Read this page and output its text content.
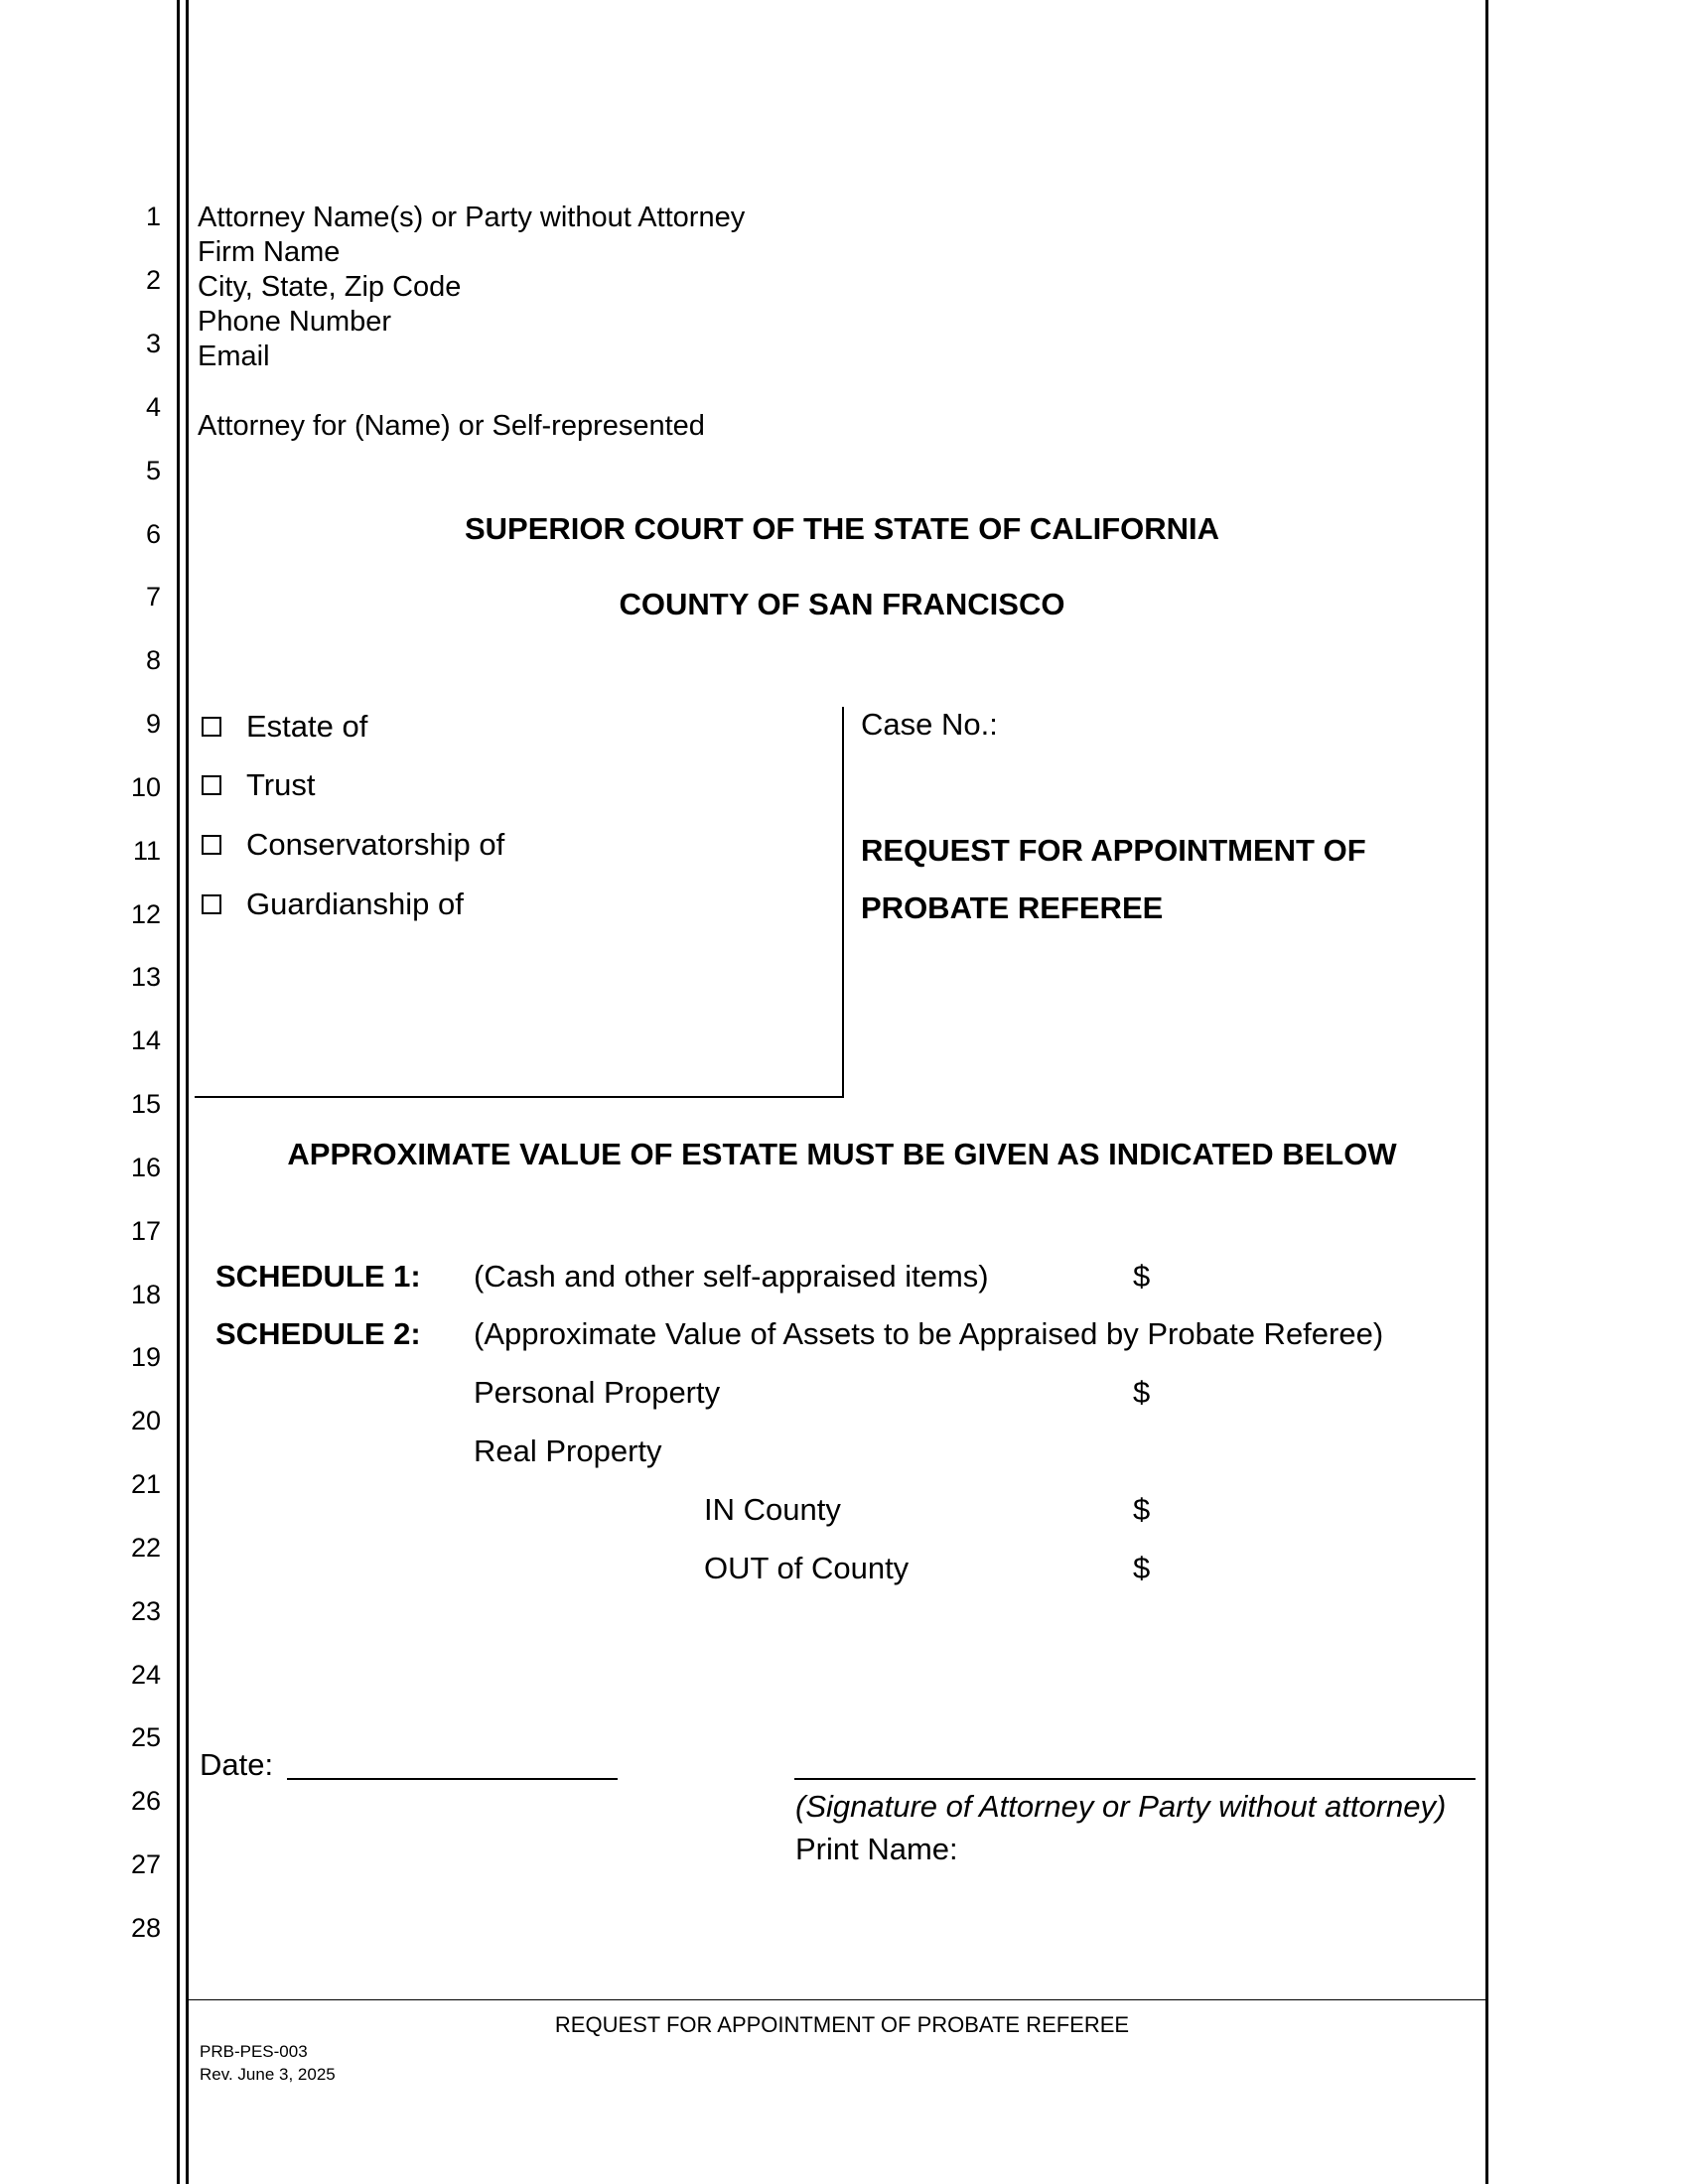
1
2
3
4
5
6
7
8
9
10
11
12
13
14
15
16
17
18
19
20
21
22
23
24
25
26
27
28
Attorney Name(s) or Party without Attorney
Firm Name
City, State, Zip Code
Phone Number
Email
Attorney for (Name) or Self-represented
SUPERIOR COURT OF THE STATE OF CALIFORNIA
COUNTY OF SAN FRANCISCO
Estate of
Trust
Conservatorship of
Guardianship of
Case No.:
REQUEST FOR APPOINTMENT OF
PROBATE REFEREE
APPROXIMATE VALUE OF ESTATE MUST BE GIVEN AS INDICATED BELOW
SCHEDULE 1: (Cash and other self-appraised items)	$
SCHEDULE 2: (Approximate Value of Assets to be Appraised by Probate Referee)
Personal Property	$
Real Property
IN County	$
OUT of County	$
Date:
(Signature of Attorney or Party without attorney)
Print Name:
REQUEST FOR APPOINTMENT OF PROBATE REFEREE
PRB-PES-003
Rev. June 3, 2025
